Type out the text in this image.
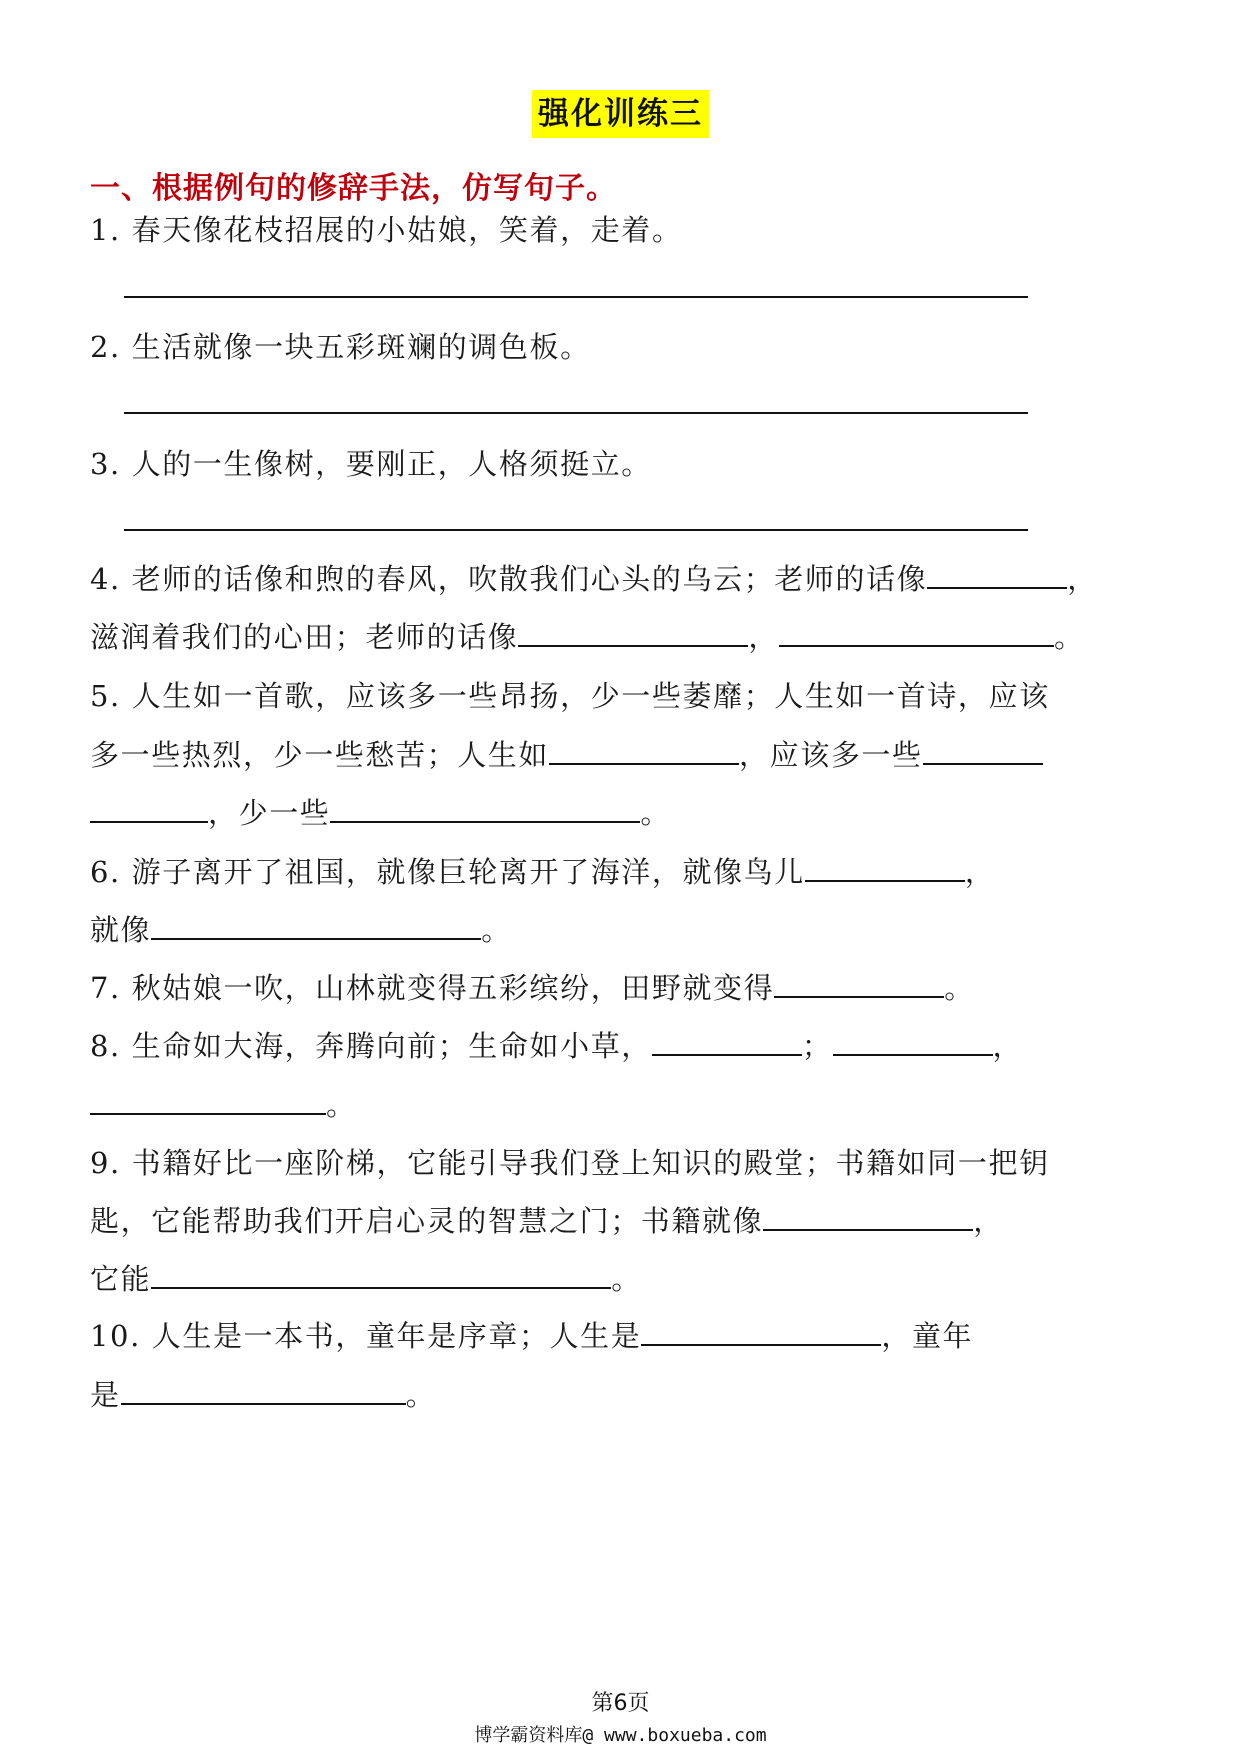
强化训练三
一、根据例句的修辞手法，仿写句子。
1. 春天像花枝招展的小姑娘，笑着，走着。
2. 生活就像一块五彩斑斓的调色板。
3. 人的一生像树，要刚正，人格须挺立。
4. 老师的话像和煦的春风，吹散我们心头的乌云；老师的话像	，
滋润着我们的心田；老师的话像	，	。
5. 人生如一首歌，应该多一些昂扬，少一些萎靡；人生如一首诗，应该
多一些热烈，少一些愁苦；人生如	，应该多一些
，少一些	。
6. 游子离开了祖国，就像巨轮离开了海洋，就像鸟儿	，
就像	。
7. 秋姑娘一吹，山林就变得五彩缤纷，田野就变得	。
8. 生命如大海，奔腾向前；生命如小草，	；	，
。
9. 书籍好比一座阶梯，它能引导我们登上知识的殿堂；书籍如同一把钥
匙，它能帮助我们开启心灵的智慧之门；书籍就像	，
它能	。
10. 人生是一本书，童年是序章；人生是	，童年
是	。
第6页
博学霸资料库@ www.boxueba.com
